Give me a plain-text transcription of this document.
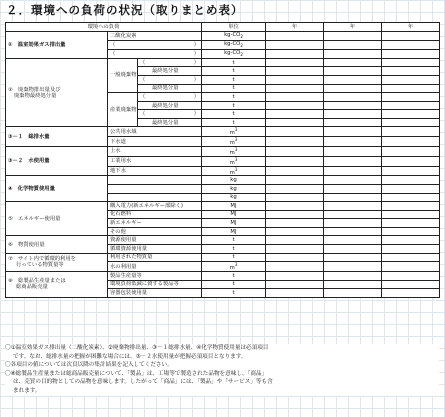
２．環境への負荷の状況（取りまとめ表）
環境への負荷			単位	年	年	年
①　温室効果ガス排出量	二酸化炭素		$kg-CO_2$			
	（ ）		$kg-CO_2$			
	（ ）		$kg-CO_2$			
②　廃棄物排出量及び
廃棄物最終処分量	一般廃棄物	（ ）	t			
		最終処分量	t			
		（ ）	t			
		最終処分量	t			
	産業廃棄物	（ ）	t			
		最終処分量	t			
		（ ）	t			
		最終処分量	t			
③－１　総排水量	公共用水域		$m^3$			
	下水道		$m^3$			
③－２　水使用量	上水		$m^3$			
	工業用水		$m^3$			
	地下水		$m^3$			
④　化学物質使用量			kg			
			kg			
			kg			
⑤　エネルギー使用量	購入電力(新エネルギー部除く)		MJ			
	化石燃料		MJ			
	新エネルギー		MJ			
	その他		MJ			
⑥　物質使用量	資源使用量		t			
	循環資源使用量		t			
⑦　サイト内で循環的利用を
行っている物質量等	利用された物質量		t			
	水の利用量		$m^3$			
⑧　総製品生産量または
総商品販売量	製品生産量等		t			
	環境負荷低減に資する製品等		t			
	容器包装使用量		t			

〇①温室効果ガス排出量（二酸化炭素）、②廃棄物排出量、③－１総排水量、④化学物質使用量は必須項目

です。なお、総排水量の把握が困難な場合には、③－２水使用量が把握必須項目となります。

〇各項目の値については次頁以降の集計結果を記入してください。

〇⑧総製品生産量または総商品販売量について、「製品」は、工場等で製造された品物を意味し、「商品」

は、売買の目的物としての品物を意味します。したがって「商品」には、「製品」や「サービス」等も含

まれます。
